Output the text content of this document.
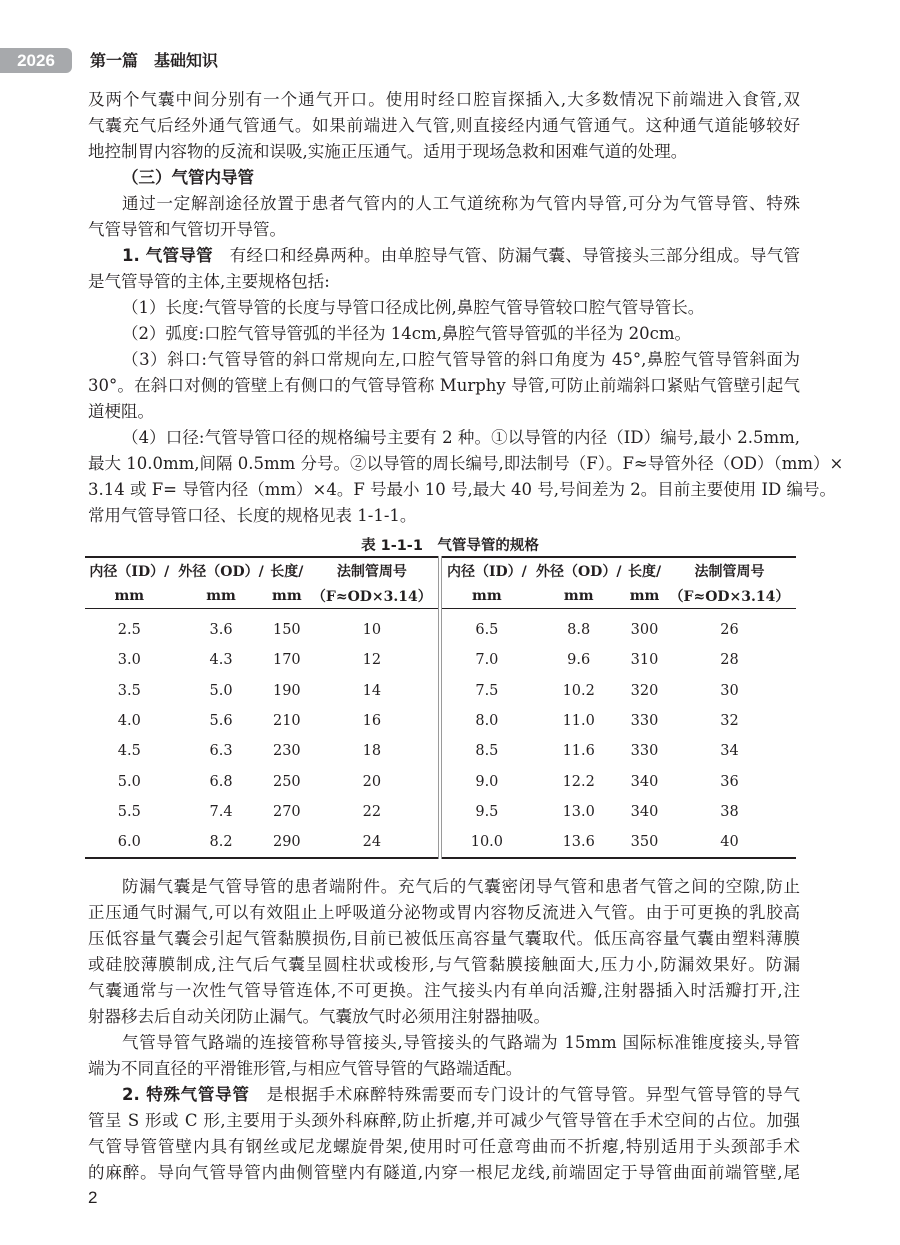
2026	第一篇　基础知识
及两个气囊中间分别有一个通气开口。使用时经口腔盲探插入,大多数情况下前端进入食管,双
气囊充气后经外通气管通气。如果前端进入气管,则直接经内通气管通气。这种通气道能够较好
地控制胃内容物的反流和误吸,实施正压通气。适用于现场急救和困难气道的处理。
（三）气管内导管
通过一定解剖途径放置于患者气管内的人工气道统称为气管内导管,可分为气管导管、特殊
气管导管和气管切开导管。
1. 气管导管　有经口和经鼻两种。由单腔导气管、防漏气囊、导管接头三部分组成。导气管
是气管导管的主体,主要规格包括:
（1）长度:气管导管的长度与导管口径成比例,鼻腔气管导管较口腔气管导管长。
（2）弧度:口腔气管导管弧的半径为 14cm,鼻腔气管导管弧的半径为 20cm。
（3）斜口:气管导管的斜口常规向左,口腔气管导管的斜口角度为 45°,鼻腔气管导管斜面为
30°。在斜口对侧的管壁上有侧口的气管导管称 Murphy 导管,可防止前端斜口紧贴气管壁引起气
道梗阻。
（4）口径:气管导管口径的规格编号主要有 2 种。①以导管的内径（ID）编号,最小 2.5mm,
最大 10.0mm,间隔 0.5mm 分号。②以导管的周长编号,即法制号（F）。F≈导管外径（OD）（mm）×
3.14 或 F= 导管内径（mm）×4。F 号最小 10 号,最大 40 号,号间差为 2。目前主要使用 ID 编号。
常用气管导管口径、长度的规格见表 1-1-1。
表 1-1-1　气管导管的规格
内径（ID）/	外径（OD）/	长度/	法制管周号	内径（ID）/	外径（OD）/	长度/	法制管周号
mm	mm	mm	（F≈OD×3.14）	mm	mm	mm	（F≈OD×3.14）
2.5	3.6	150	10	6.5	8.8	300	26
3.0	4.3	170	12	7.0	9.6	310	28
3.5	5.0	190	14	7.5	10.2	320	30
4.0	5.6	210	16	8.0	11.0	330	32
4.5	6.3	230	18	8.5	11.6	330	34
5.0	6.8	250	20	9.0	12.2	340	36
5.5	7.4	270	22	9.5	13.0	340	38
6.0	8.2	290	24	10.0	13.6	350	40
防漏气囊是气管导管的患者端附件。充气后的气囊密闭导气管和患者气管之间的空隙,防止
正压通气时漏气,可以有效阻止上呼吸道分泌物或胃内容物反流进入气管。由于可更换的乳胶高
压低容量气囊会引起气管黏膜损伤,目前已被低压高容量气囊取代。低压高容量气囊由塑料薄膜
或硅胶薄膜制成,注气后气囊呈圆柱状或梭形,与气管黏膜接触面大,压力小,防漏效果好。防漏
气囊通常与一次性气管导管连体,不可更换。注气接头内有单向活瓣,注射器插入时活瓣打开,注
射器移去后自动关闭防止漏气。气囊放气时必须用注射器抽吸。
气管导管气路端的连接管称导管接头,导管接头的气路端为 15mm 国际标准锥度接头,导管
端为不同直径的平滑锥形管,与相应气管导管的气路端适配。
2. 特殊气管导管　是根据手术麻醉特殊需要而专门设计的气管导管。异型气管导管的导气
管呈 S 形或 C 形,主要用于头颈外科麻醉,防止折瘪,并可减少气管导管在手术空间的占位。加强
气管导管管壁内具有钢丝或尼龙螺旋骨架,使用时可任意弯曲而不折瘪,特别适用于头颈部手术
的麻醉。导向气管导管内曲侧管壁内有隧道,内穿一根尼龙线,前端固定于导管曲面前端管壁,尾
2
